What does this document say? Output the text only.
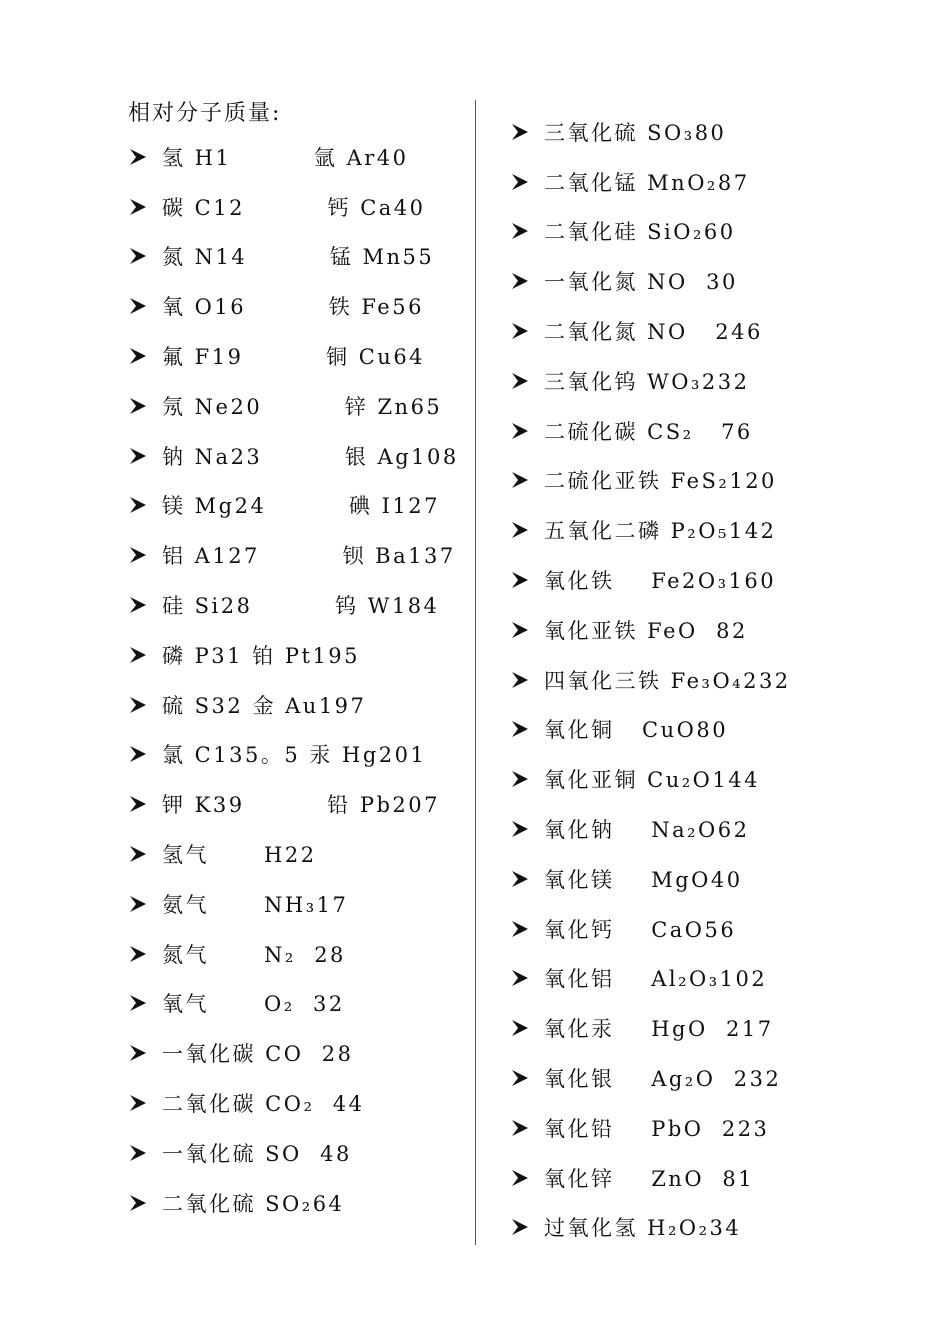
相对分子质量:
氢 H1         氩 Ar40
碳 C12         钙 Ca40
氮 N14         锰 Mn55
氧 O16         铁 Fe56
氟 F19         铜 Cu64
氖 Ne20         锌 Zn65
钠 Na23         银 Ag108
镁 Mg24         碘 I127
铝 A127         钡 Ba137
硅 Si28         钨 W184
磷 P31 铂 Pt195
硫 S32 金 Au197
氯 C135。5 汞 Hg201
钾 K39         铅 Pb207
氢气      H22
氨气      NH₃17
氮气      N₂  28
氧气      O₂  32
一氧化碳 CO  28
二氧化碳 CO₂  44
一氧化硫 SO  48
二氧化硫 SO₂64
三氧化硫 SO₃80
二氧化锰 MnO₂87
二氧化硅 SiO₂60
一氧化氮 NO  30
二氧化氮 NO   246
三氧化钨 WO₃232
二硫化碳 CS₂   76
二硫化亚铁 FeS₂120
五氧化二磷 P₂O₅142
氧化铁    Fe2O₃160
氧化亚铁 FeO  82
四氧化三铁 Fe₃O₄232
氧化铜   CuO80
氧化亚铜 Cu₂O144
氧化钠    Na₂O62
氧化镁    MgO40
氧化钙    CaO56
氧化铝    Al₂O₃102
氧化汞    HgO  217
氧化银    Ag₂O  232
氧化铅    PbO  223
氧化锌    ZnO  81
过氧化氢 H₂O₂34
